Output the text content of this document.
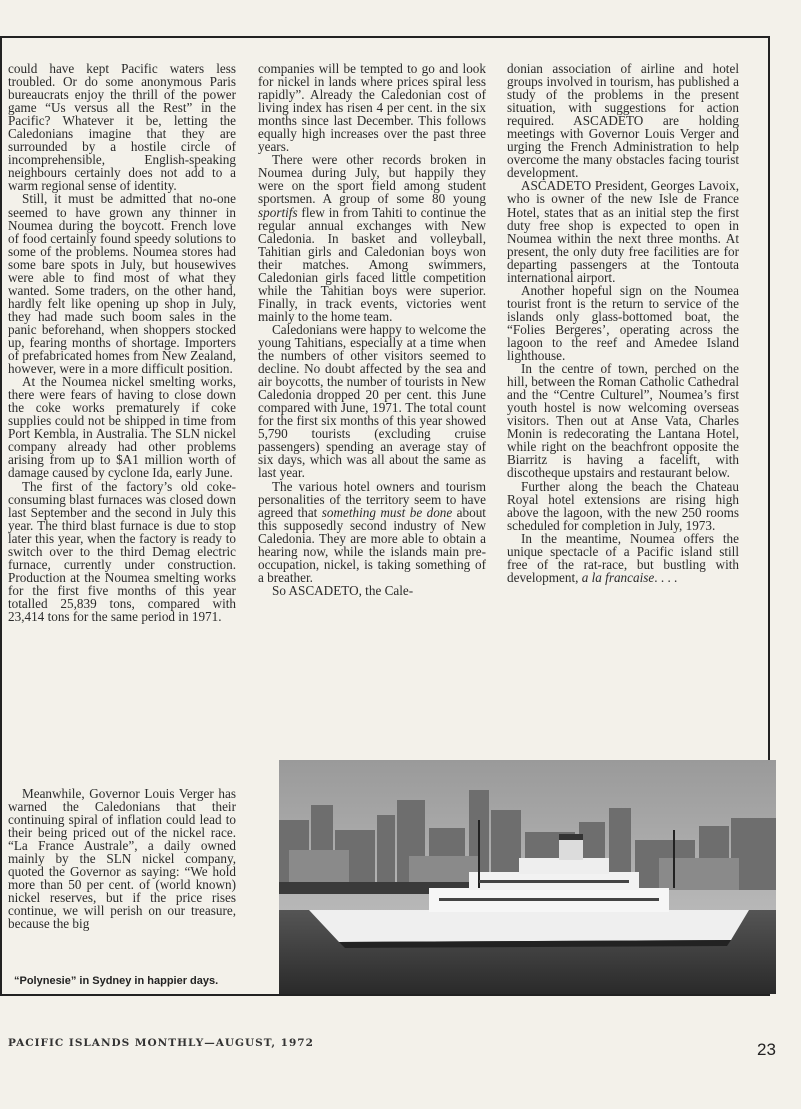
could have kept Pacific waters less troubled. Or do some anonymous Paris bureaucrats enjoy the thrill of the power game “Us versus all the Rest” in the Pacific? Whatever it be, letting the Caledonians imagine that they are surrounded by a hostile circle of incomprehensible, English-speaking neighbours certainly does not add to a warm regional sense of identity.

Still, it must be admitted that no-one seemed to have grown any thinner in Noumea during the boycott. French love of food certainly found speedy solutions to some of the problems. Noumea stores had some bare spots in July, but housewives were able to find most of what they wanted. Some traders, on the other hand, hardly felt like opening up shop in July, they had made such boom sales in the panic beforehand, when shoppers stocked up, fearing months of shortage. Importers of prefabricated homes from New Zealand, however, were in a more difficult position.

At the Noumea nickel smelting works, there were fears of having to close down the coke works prematurely if coke supplies could not be shipped in time from Port Kembla, in Australia. The SLN nickel company already had other problems arising from up to $A1 million worth of damage caused by cyclone Ida, early June.

The first of the factory’s old coke-consuming blast furnaces was closed down last September and the second in July this year. The third blast furnace is due to stop later this year, when the factory is ready to switch over to the third Demag electric furnace, currently under construction. Production at the Noumea smelting works for the first five months of this year totalled 25,839 tons, compared with 23,414 tons for the same period in 1971.

Meanwhile, Governor Louis Verger has warned the Caledonians that their continuing spiral of inflation could lead to their being priced out of the nickel race. “La France Australe”, a daily owned mainly by the SLN nickel company, quoted the Governor as saying: “We hold more than 50 per cent. of (world known) nickel reserves, but if the price rises continue, we will perish on our treasure, because the big

companies will be tempted to go and look for nickel in lands where prices spiral less rapidly”. Already the Caledonian cost of living index has risen 4 per cent. in the six months since last December. This follows equally high increases over the past three years.

There were other records broken in Noumea during July, but happily they were on the sport field among student sportsmen. A group of some 80 young sportifs flew in from Tahiti to continue the regular annual exchanges with New Caledonia. In basket and volleyball, Tahitian girls and Caledonian boys won their matches. Among swimmers, Caledonian girls faced little competition while the Tahitian boys were superior. Finally, in track events, victories went mainly to the home team.

Caledonians were happy to welcome the young Tahitians, especially at a time when the numbers of other visitors seemed to decline. No doubt affected by the sea and air boycotts, the number of tourists in New Caledonia dropped 20 per cent. this June compared with June, 1971. The total count for the first six months of this year showed 5,790 tourists (excluding cruise passengers) spending an average stay of six days, which was all about the same as last year.

The various hotel owners and tourism personalities of the territory seem to have agreed that something must be done about this supposedly second industry of New Caledonia. They are more able to obtain a hearing now, while the islands main pre-occupation, nickel, is taking something of a breather.

So ASCADETO, the Cale-

donian association of airline and hotel groups involved in tourism, has published a study of the problems in the present situation, with suggestions for action required. ASCADETO are holding meetings with Governor Louis Verger and urging the French Administration to help overcome the many obstacles facing tourist development.

ASCADETO President, Georges Lavoix, who is owner of the new Isle de France Hotel, states that as an initial step the first duty free shop is expected to open in Noumea within the next three months. At present, the only duty free facilities are for departing passengers at the Tontouta international airport.

Another hopeful sign on the Noumea tourist front is the return to service of the islands only glass-bottomed boat, the “Folies Bergeres’, operating across the lagoon to the reef and Amedee Island lighthouse.

In the centre of town, perched on the hill, between the Roman Catholic Cathedral and the “Centre Culturel”, Noumea’s first youth hostel is now welcoming overseas visitors. Then out at Anse Vata, Charles Monin is redecorating the Lantana Hotel, while right on the beachfront opposite the Biarritz is having a facelift, with discotheque upstairs and restaurant below.

Further along the beach the Chateau Royal hotel extensions are rising high above the lagoon, with the new 250 rooms scheduled for completion in July, 1973.

In the meantime, Noumea offers the unique spectacle of a Pacific island still free of the rat-race, but bustling with development, a la francaise. . . .

“Polynesie” in Sydney in happier days.
PACIFIC ISLANDS MONTHLY—AUGUST, 1972	23
